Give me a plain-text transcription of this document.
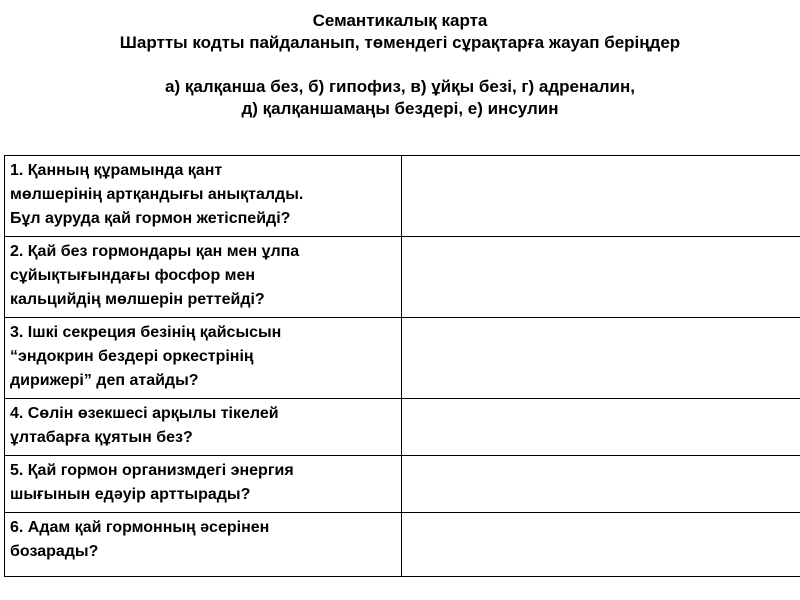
Семантикалық карта
Шартты кодты пайдаланып, төмендегі сұрақтарға жауап беріңдер
а) қалқанша без, б) гипофиз, в) ұйқы безі, г) адреналин,
д) қалқаншамаңы бездері, е) инсулин
1. Қанның құрамында қант
мөлшерінің артқандығы анықталды.
Бұл ауруда қай гормон жетіспейді?	

2. Қай без гормондары қан мен ұлпа
сұйықтығындағы фосфор мен
кальцийдің мөлшерін реттейді?	

3. Ішкі секреция безінің қайсысын
“эндокрин бездері оркестрінің
дирижері” деп атайды?	

4. Сөлін өзекшесі арқылы тікелей
ұлтабарға құятын без?	

5. Қай гормон организмдегі энергия
шығынын едәуір арттырады?	

6. Адам қай гормонның әсерінен
бозарады?	
